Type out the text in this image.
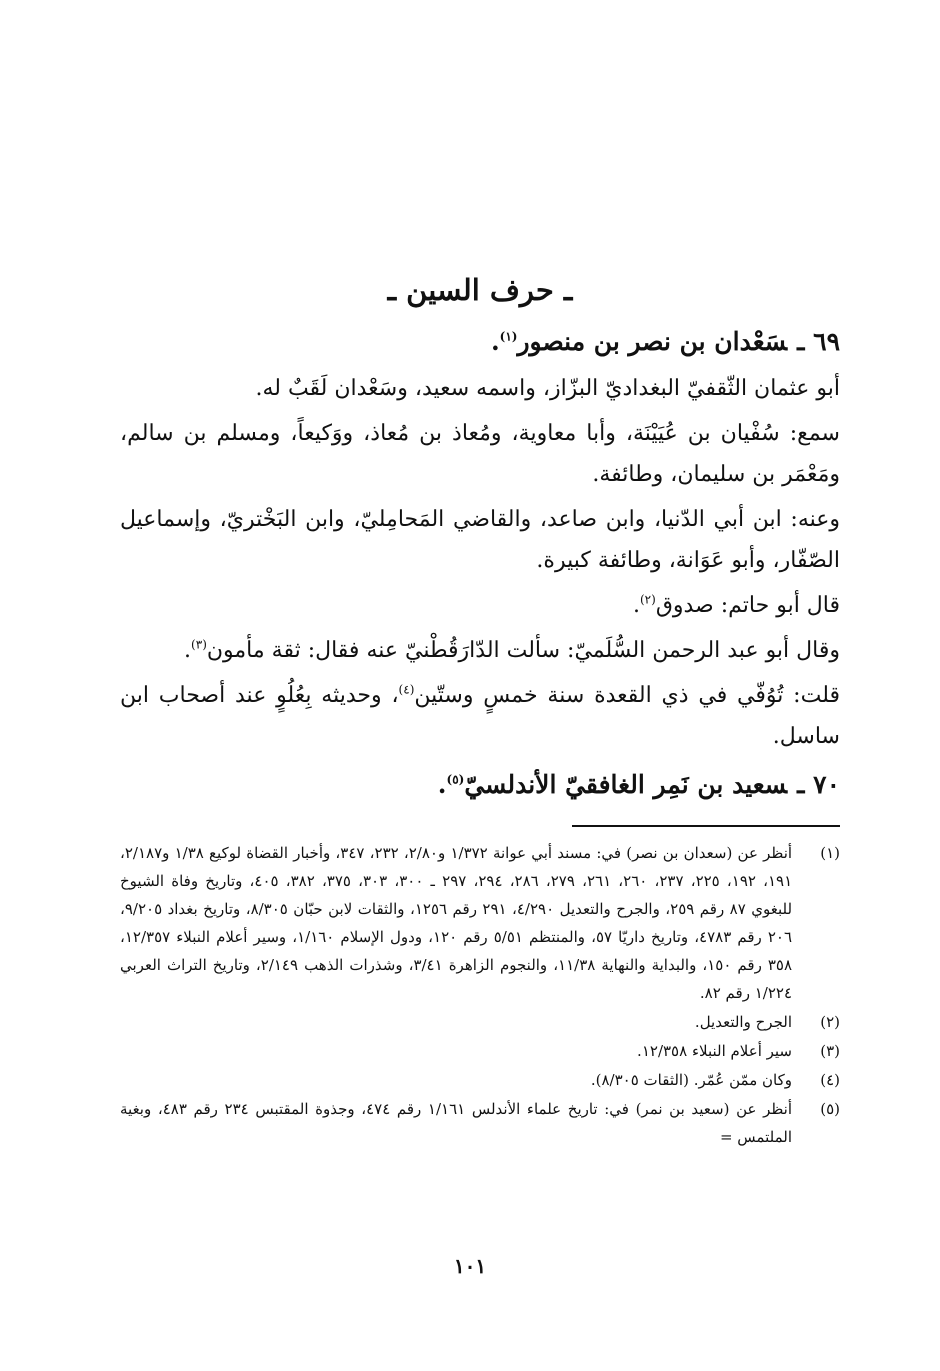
ـ حرف السين ـ
٦٩ ـسَعْدان بن نصر بن منصور$^{(١)}$.

أبو عثمان الثّقفيّ البغداديّ البزّاز، واسمه سعيد، وسَعْدان لَقَبٌ له.

سمع: سُفْيان بن عُيَيْنَة، وأبا معاوية، ومُعاذ بن مُعاذ، ووَكيعاً، ومسلم بن سالم، ومَعْمَر بن سليمان، وطائفة.

وعنه: ابن أبي الدّنيا، وابن صاعد، والقاضي المَحامِليّ، وابن البَخْتريّ، وإسماعيل الصّفّار، وأبو عَوَانة، وطائفة كبيرة.

قال أبو حاتم: صدوق$^{(٢)}$.

وقال أبو عبد الرحمن السُّلَميّ: سألت الدّارَقُطْنيّ عنه فقال: ثقة مأمون$^{(٣)}$.

قلت: تُوُفّي في ذي القعدة سنة خمسٍ وستّين$^{(٤)}$، وحديثه بِعُلُوٍ عند أصحاب ابن ساسل.

٧٠ ـسعيد بن نَمِر الغافقيّ الأندلسيّ$^{(٥)}$.
(١)
أنظر عن (سعدان بن نصر) في: مسند أبي عوانة ١/٣٧٢ و٢/٨٠، ٢٣٢، ٣٤٧، وأخبار القضاة لوكيع ١/٣٨ و٢/١٨٧، ١٩١، ١٩٢، ٢٢٥، ٢٣٧، ٢٦٠، ٢٦١، ٢٧٩، ٢٨٦، ٢٩٤، ٢٩٧ ـ ٣٠٠، ٣٠٣، ٣٧٥، ٣٨٢، ٤٠٥، وتاريخ وفاة الشيوخ للبغوي ٨٧ رقم ٢٥٩، والجرح والتعديل ٤/٢٩٠، ٢٩١ رقم ١٢٥٦، والثقات لابن حبّان ٨/٣٠٥، وتاريخ بغداد ٩/٢٠٥، ٢٠٦ رقم ٤٧٨٣، وتاريخ داريّا ٥٧، والمنتظم ٥/٥١ رقم ١٢٠، ودول الإسلام ١/١٦٠، وسير أعلام النبلاء ١٢/٣٥٧، ٣٥٨ رقم ١٥٠، والبداية والنهاية ١١/٣٨، والنجوم الزاهرة ٣/٤١، وشذرات الذهب ٢/١٤٩، وتاريخ التراث العربي ١/٢٢٤ رقم ٨٢.
(٢)
الجرح والتعديل.
(٣)
سير أعلام النبلاء ١٢/٣٥٨.
(٤)
وكان ممّن عُمّر. (الثقات ٨/٣٠٥).
(٥)
أنظر عن (سعيد بن نمر) في: تاريخ علماء الأندلس ١/١٦١ رقم ٤٧٤، وجذوة المقتبس ٢٣٤ رقم ٤٨٣، وبغية الملتمس =
١٠١
